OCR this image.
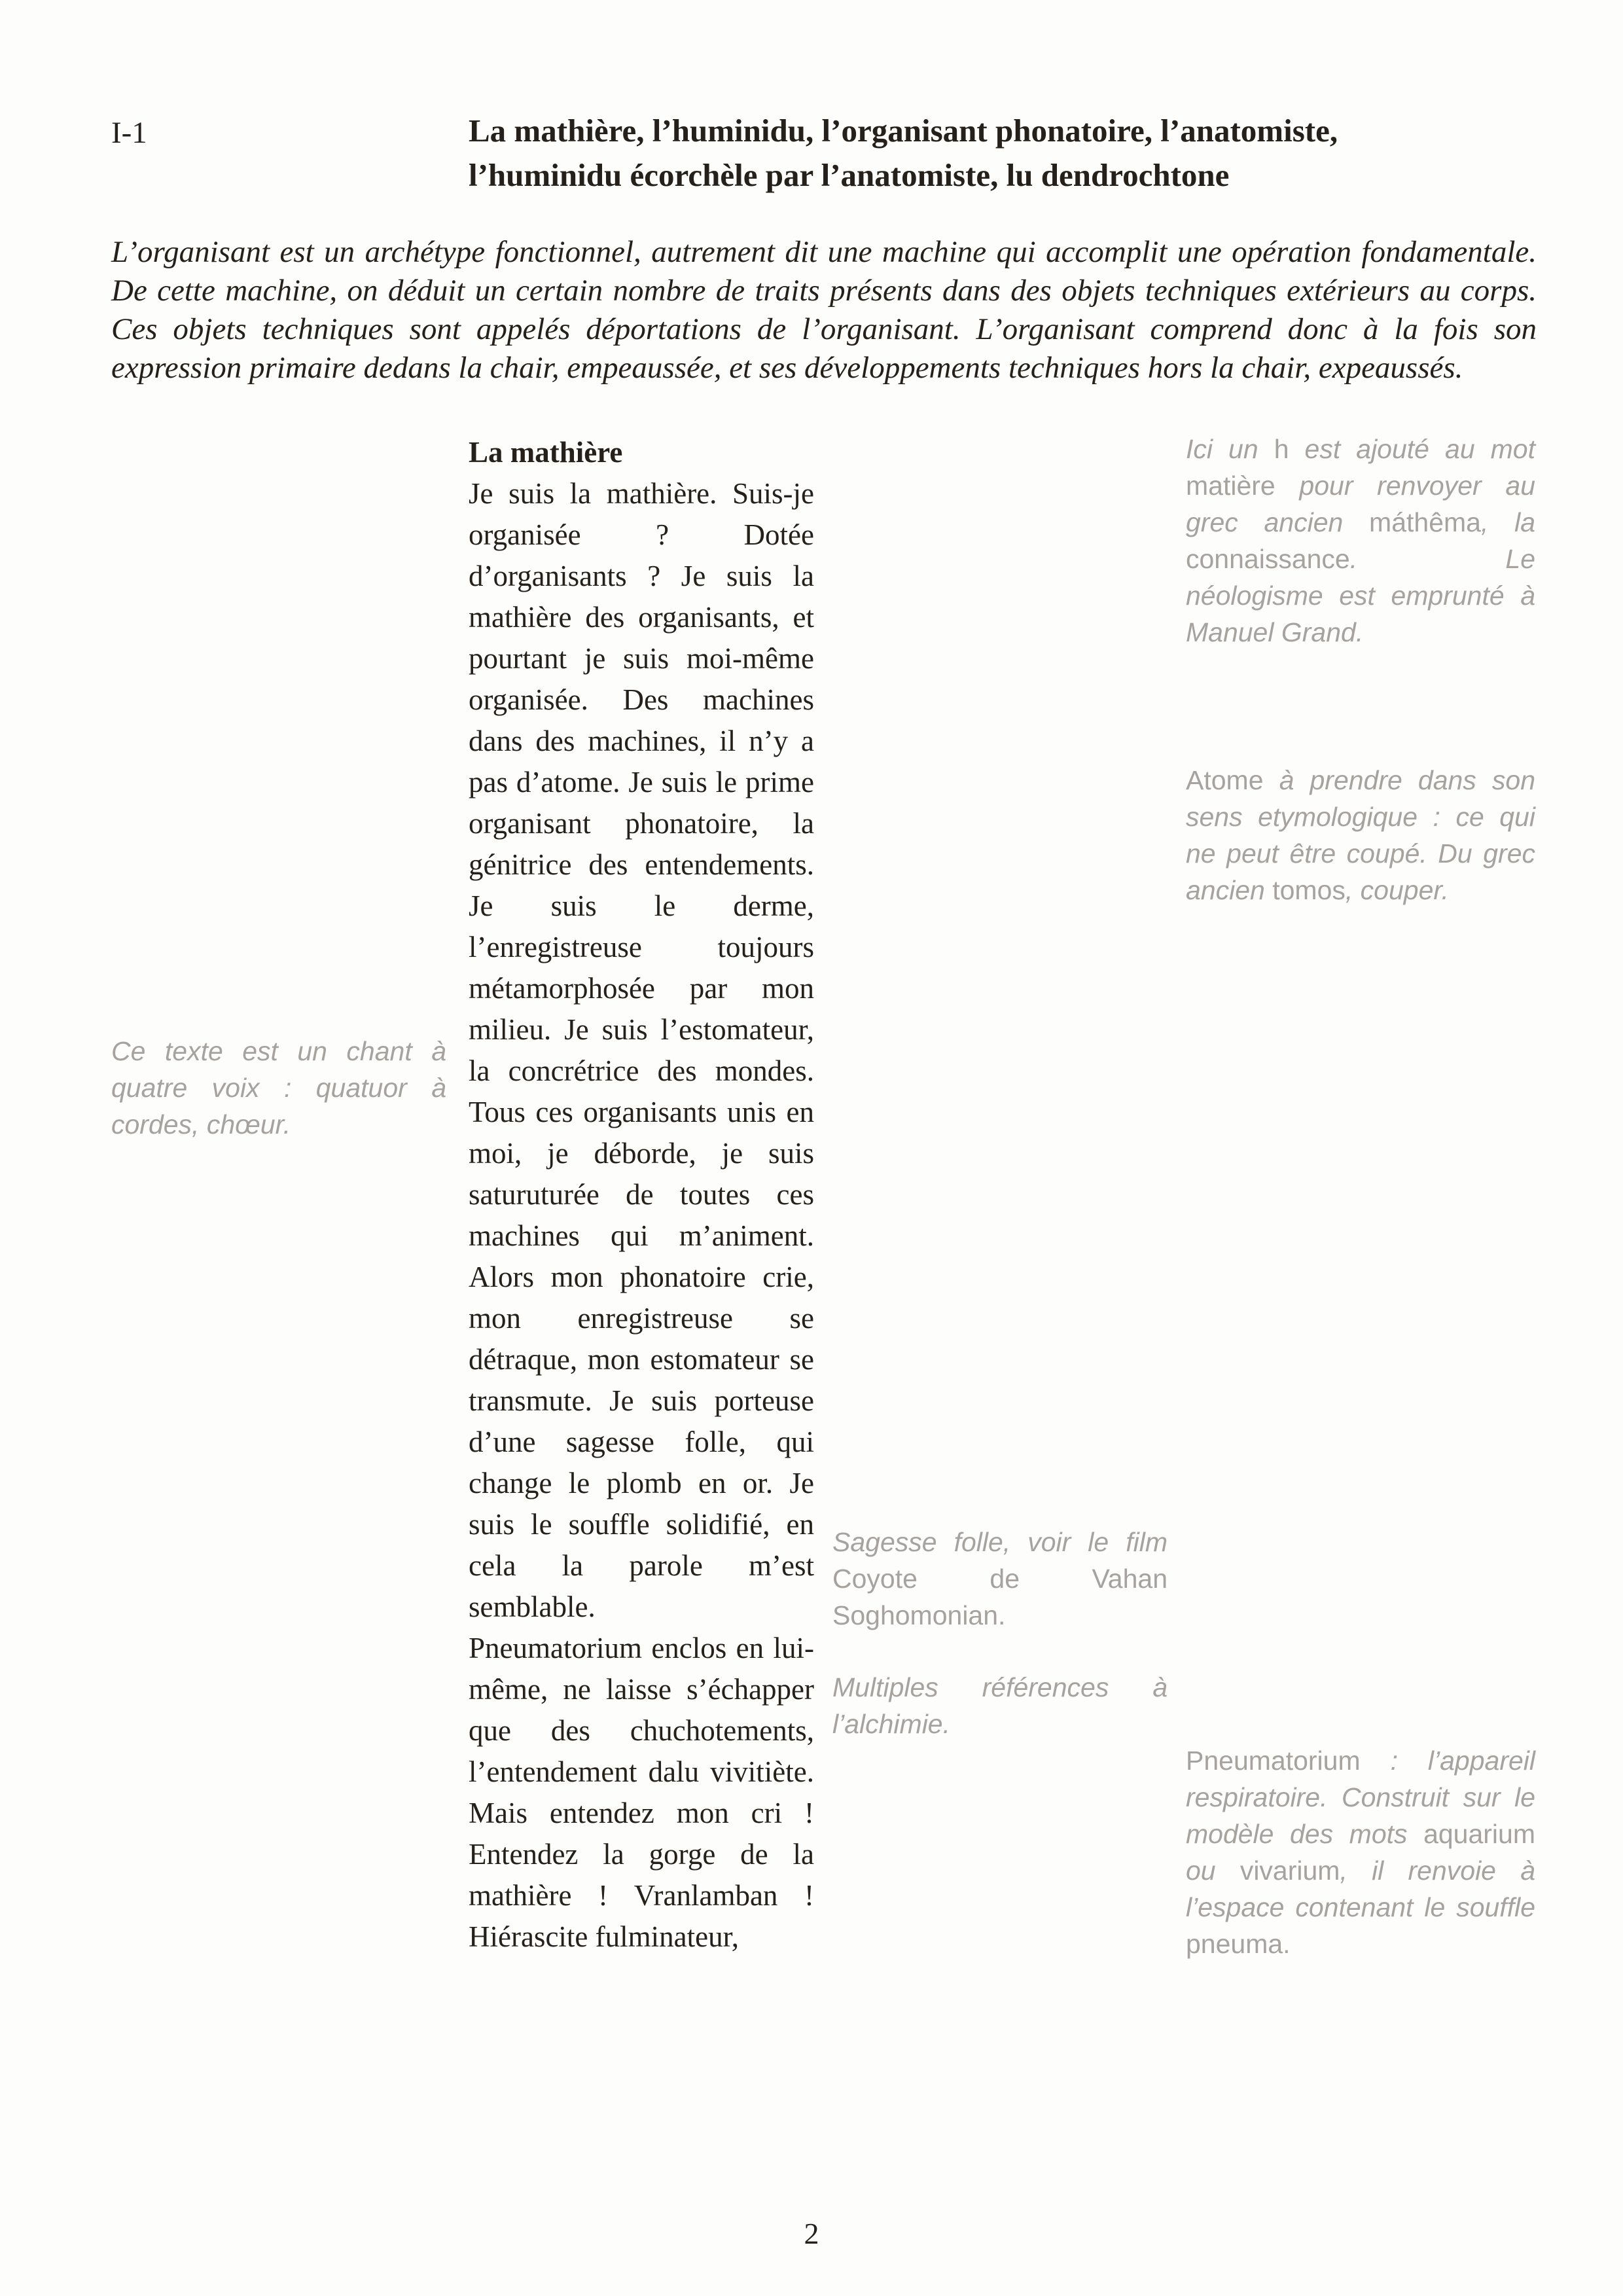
I-1	La mathière, l’huminidu, l’organisant phonatoire, l’anatomiste,
l’huminidu écorchèle par l’anatomiste, lu dendrochtone

L’organisant est un archétype fonctionnel, autrement dit une machine qui accomplit une opération fondamentale. De cette machine, on déduit un certain nombre de traits présents dans des objets techniques extérieurs au corps. Ces objets techniques sont appelés déportations de l’organisant. L’organisant comprend donc à la fois son expression primaire dedans la chair, empeaussée, et ses développements techniques hors la chair, expeaussés.

La mathière

Je suis la mathière. Suis-je organisée ? Dotée d’organisants ? Je suis la mathière des organisants, et pourtant je suis moi-même organisée. Des machines dans des machines, il n’y a pas d’atome. Je suis le prime organisant phonatoire, la génitrice des entendements. Je suis le derme, l’enregistreuse toujours métamorphosée par mon milieu. Je suis l’estomateur, la concrétrice des mondes. Tous ces organisants unis en moi, je déborde, je suis saturuturée de toutes ces machines qui m’animent. Alors mon phonatoire crie, mon enregistreuse se détraque, mon estomateur se transmute. Je suis porteuse d’une sagesse folle, qui change le plomb en or. Je suis le souffle solidifié, en cela la parole m’est semblable.

Pneumatorium enclos en lui-même, ne laisse s’échapper que des chuchotements, l’entendement dalu vivitiète. Mais entendez mon cri ! Entendez la gorge de la mathière ! Vranlamban ! Hiérascite fulminateur,

Ce texte est un chant à quatre voix : quatuor à cordes, chœur.
Ici un h est ajouté au mot matière pour renvoyer au grec ancien máthêma, la connaissance. Le néologisme est emprunté à Manuel Grand.
Atome à prendre dans son sens etymologique : ce qui ne peut être coupé. Du grec ancien tomos, couper.
Sagesse folle, voir le film Coyote de Vahan Soghomonian.
Multiples références à l’alchimie.
Pneumatorium : l’appareil respiratoire. Construit sur le modèle des mots aquarium ou vivarium, il renvoie à l’espace contenant le souffle pneuma.
2
